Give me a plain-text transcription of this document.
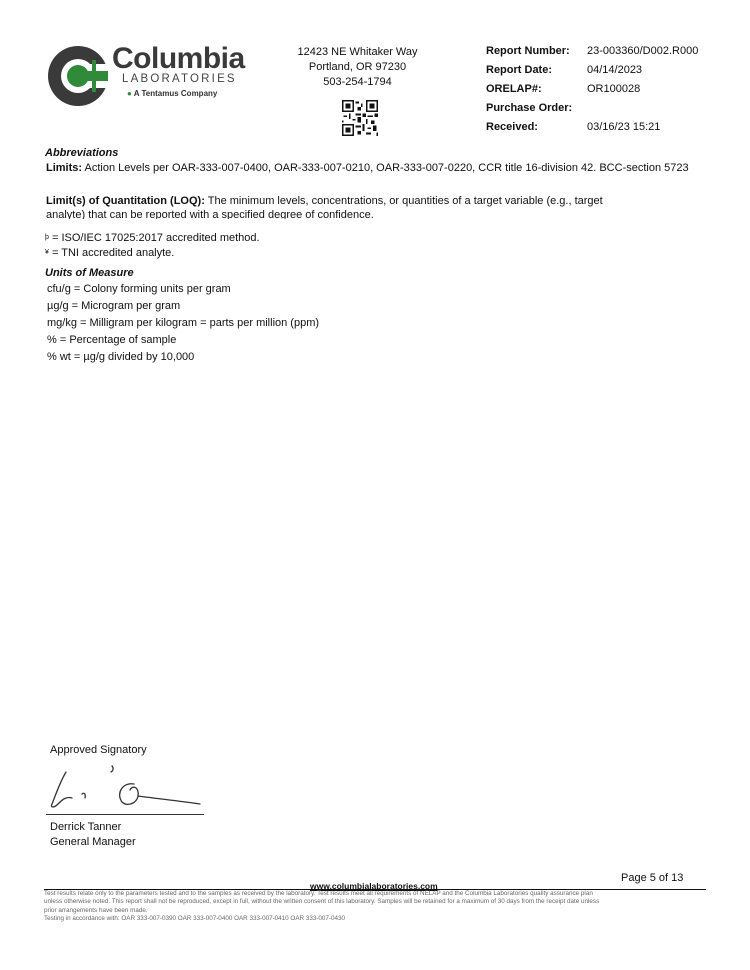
Columbia
LABORATORIES
● A Tentamus Company
12423 NE Whitaker Way
Portland, OR 97230
503-254-1794
Report Number: 23-003360/D002.R000
Report Date:	04/14/2023
ORELAP#:	OR100028
Purchase Order:
Received:	03/16/23 15:21
Abbreviations
Limits: Action Levels per OAR-333-007-0400, OAR-333-007-0210, OAR-333-007-0220, CCR title 16-division 42. BCC-section 5723
Limit(s) of Quantitation (LOQ): The minimum levels, concentrations, or quantities of a target variable (e.g., target analyte) that can be reported with a specified degree of confidence.
þ = ISO/IEC 17025:2017 accredited method.
¥ = TNI accredited analyte.
Units of Measure
cfu/g = Colony forming units per gram
µg/g = Microgram per gram
mg/kg = Milligram per kilogram = parts per million (ppm)
% = Percentage of sample
% wt = µg/g divided by 10,000
Approved Signatory
Derrick Tanner
General Manager
Page 5 of 13
www.columbialaboratories.com
Test results relate only to the parameters tested and to the samples as received by the laboratory. Test results meet all requirements of NELAP and the Columbia Laboratories quality assurance plan
unless otherwise noted. This report shall not be reproduced, except in full, without the written consent of this laboratory. Samples will be retained for a maximum of 30 days from the receipt date unless
prior arrangements have been made.
Testing in accordance with: OAR 333-007-0390 OAR 333-007-0400 OAR 333-007-0410 OAR 333-007-0430
